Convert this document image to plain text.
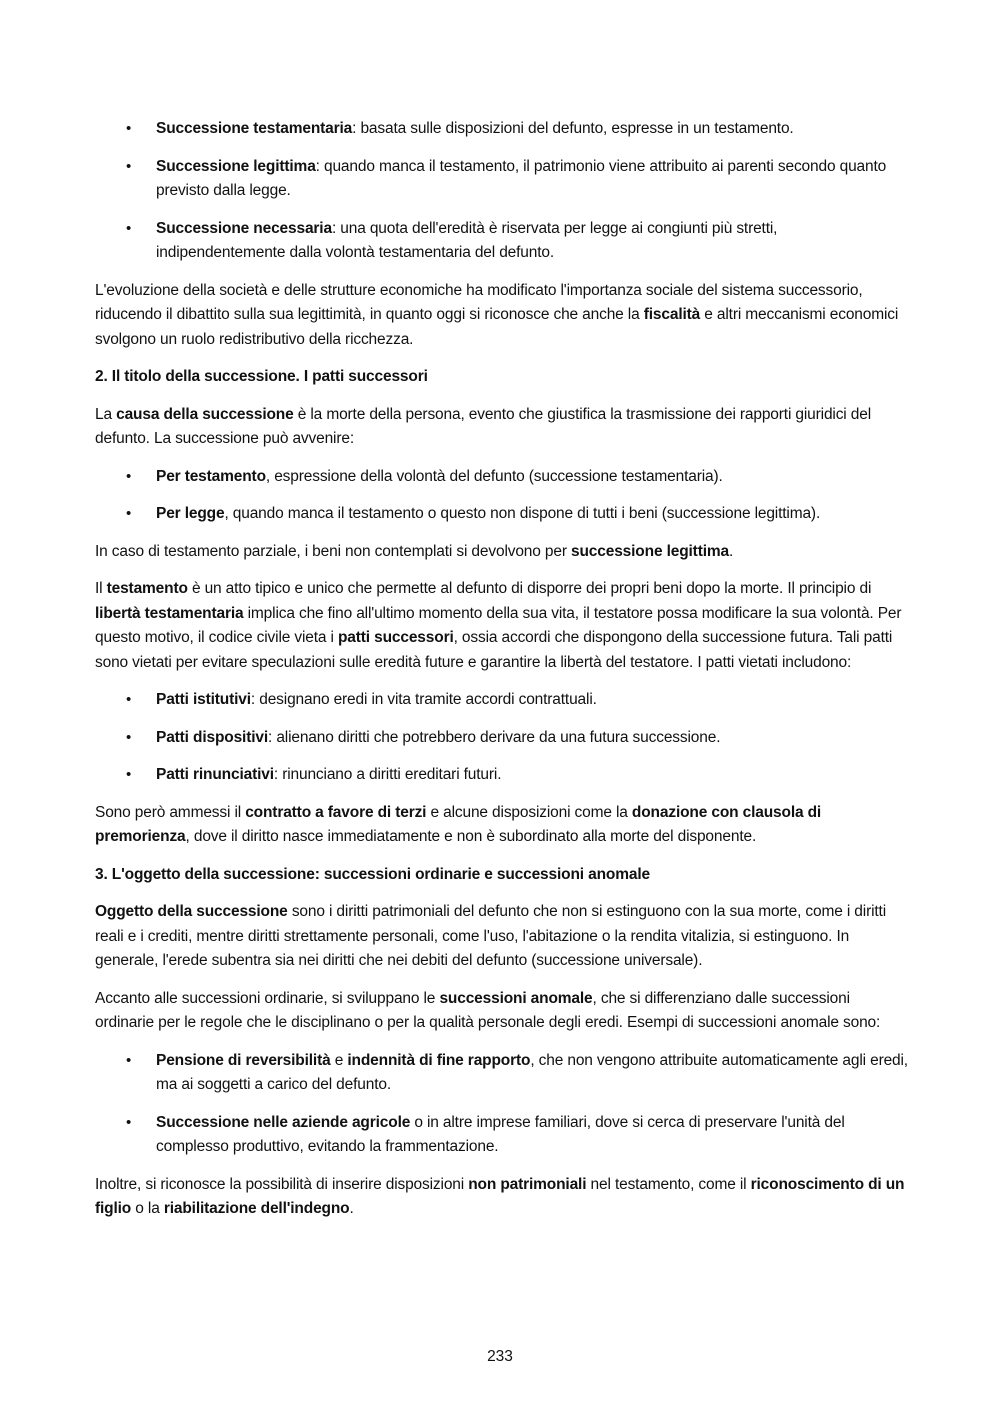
• Successione testamentaria: basata sulle disposizioni del defunto, espresse in un testamento.
• Successione legittima: quando manca il testamento, il patrimonio viene attribuito ai parenti secondo quanto previsto dalla legge.
• Successione necessaria: una quota dell'eredità è riservata per legge ai congiunti più stretti, indipendentemente dalla volontà testamentaria del defunto.

L'evoluzione della società e delle strutture economiche ha modificato l'importanza sociale del sistema successorio, riducendo il dibattito sulla sua legittimità, in quanto oggi si riconosce che anche la fiscalità e altri meccanismi economici svolgono un ruolo redistributivo della ricchezza.

2. Il titolo della successione. I patti successori

La causa della successione è la morte della persona, evento che giustifica la trasmissione dei rapporti giuridici del defunto. La successione può avvenire:

• Per testamento, espressione della volontà del defunto (successione testamentaria).
• Per legge, quando manca il testamento o questo non dispone di tutti i beni (successione legittima).

In caso di testamento parziale, i beni non contemplati si devolvono per successione legittima.

Il testamento è un atto tipico e unico che permette al defunto di disporre dei propri beni dopo la morte. Il principio di libertà testamentaria implica che fino all'ultimo momento della sua vita, il testatore possa modificare la sua volontà. Per questo motivo, il codice civile vieta i patti successori, ossia accordi che dispongono della successione futura. Tali patti sono vietati per evitare speculazioni sulle eredità future e garantire la libertà del testatore. I patti vietati includono:

• Patti istitutivi: designano eredi in vita tramite accordi contrattuali.
• Patti dispositivi: alienano diritti che potrebbero derivare da una futura successione.
• Patti rinunciativi: rinunciano a diritti ereditari futuri.

Sono però ammessi il contratto a favore di terzi e alcune disposizioni come la donazione con clausola di premorienza, dove il diritto nasce immediatamente e non è subordinato alla morte del disponente.

3. L'oggetto della successione: successioni ordinarie e successioni anomale

Oggetto della successione sono i diritti patrimoniali del defunto che non si estinguono con la sua morte, come i diritti reali e i crediti, mentre diritti strettamente personali, come l'uso, l'abitazione o la rendita vitalizia, si estinguono. In generale, l'erede subentra sia nei diritti che nei debiti del defunto (successione universale).

Accanto alle successioni ordinarie, si sviluppano le successioni anomale, che si differenziano dalle successioni ordinarie per le regole che le disciplinano o per la qualità personale degli eredi. Esempi di successioni anomale sono:

• Pensione di reversibilità e indennità di fine rapporto, che non vengono attribuite automaticamente agli eredi, ma ai soggetti a carico del defunto.
• Successione nelle aziende agricole o in altre imprese familiari, dove si cerca di preservare l'unità del complesso produttivo, evitando la frammentazione.

Inoltre, si riconosce la possibilità di inserire disposizioni non patrimoniali nel testamento, come il riconoscimento di un figlio o la riabilitazione dell'indegno.

233
